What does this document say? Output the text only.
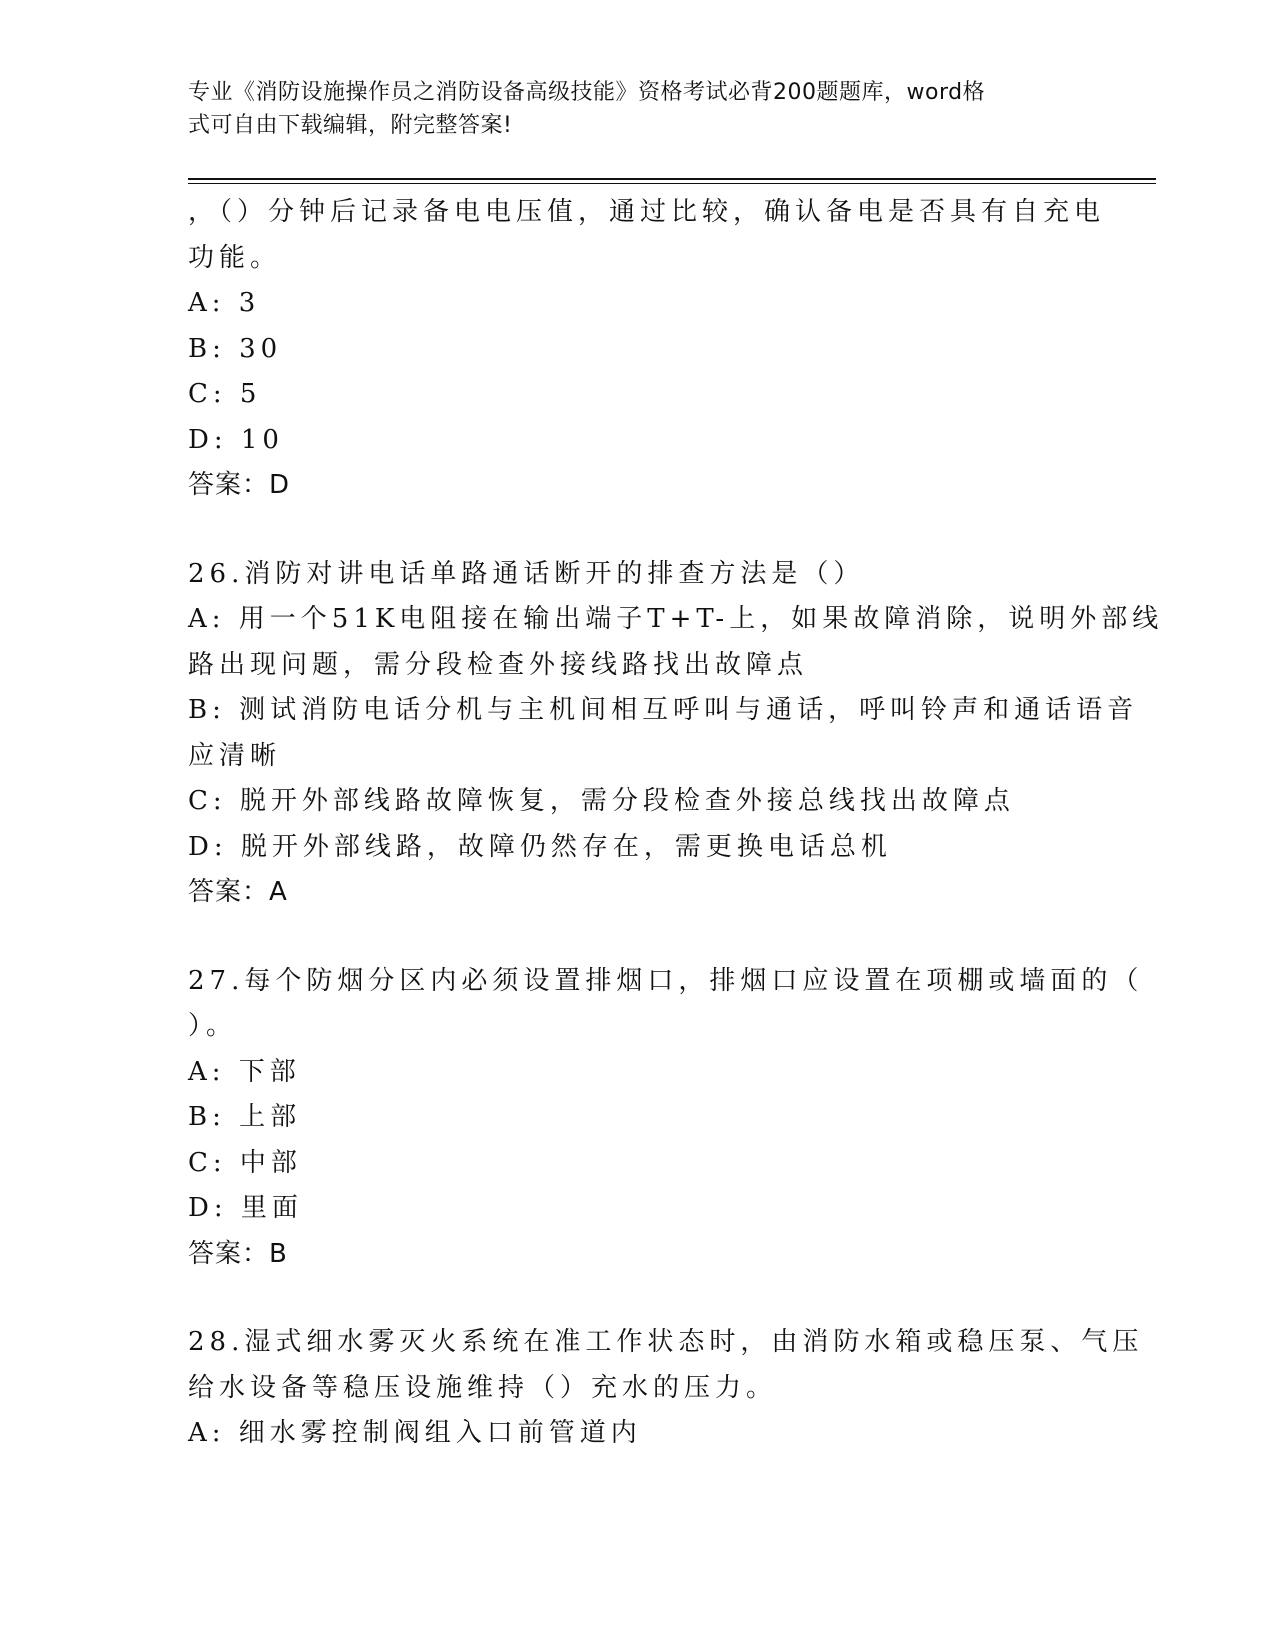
专业《消防设施操作员之消防设备高级技能》资格考试必背200题题库，word格
式可自由下载编辑，附完整答案!
，（）分钟后记录备电电压值，通过比较，确认备电是否具有自充电
功能。
A: 3
B: 30
C: 5
D: 10
答案：D
26.消防对讲电话单路通话断开的排查方法是（）
A: 用一个51K电阻接在输出端子T+T-上，如果故障消除，说明外部线
路出现问题，需分段检查外接线路找出故障点
B: 测试消防电话分机与主机间相互呼叫与通话，呼叫铃声和通话语音
应清晰
C: 脱开外部线路故障恢复，需分段检查外接总线找出故障点
D: 脱开外部线路，故障仍然存在，需更换电话总机
答案：A
27.每个防烟分区内必须设置排烟口，排烟口应设置在项棚或墙面的（
）。
A: 下部
B: 上部
C: 中部
D: 里面
答案：B
28.湿式细水雾灭火系统在准工作状态时，由消防水箱或稳压泵、气压
给水设备等稳压设施维持（）充水的压力。
A: 细水雾控制阀组入口前管道内
